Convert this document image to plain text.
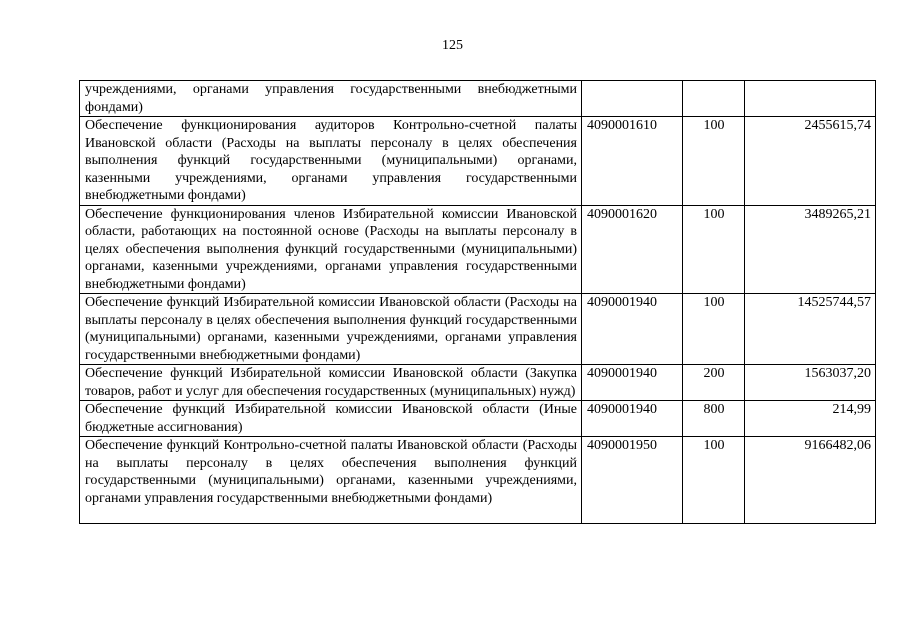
125
учреждениями, органами управления государственными внебюджетными фондами)			
Обеспечение функционирования аудиторов Контрольно-счетной палаты Ивановской области (Расходы на выплаты персоналу в целях обеспечения выполнения функций государственными (муниципальными) органами, казенными учреждениями, органами управления государственными внебюджетными фондами)	4090001610	100	2455615,74
Обеспечение функционирования членов Избирательной комиссии Ивановской области, работающих на постоянной основе (Расходы на выплаты персоналу в целях обеспечения выполнения функций государственными (муниципальными) органами, казенными учреждениями, органами управления государственными внебюджетными фондами)	4090001620	100	3489265,21
Обеспечение функций Избирательной комиссии Ивановской области (Расходы на выплаты персоналу в целях обеспечения выполнения функций государственными (муниципальными) органами, казенными учреждениями, органами управления государственными внебюджетными фондами)	4090001940	100	14525744,57
Обеспечение функций Избирательной комиссии Ивановской области (Закупка товаров, работ и услуг для обеспечения государственных (муниципальных) нужд)	4090001940	200	1563037,20
Обеспечение функций Избирательной комиссии Ивановской области (Иные бюджетные ассигнования)	4090001940	800	214,99
Обеспечение функций Контрольно-счетной палаты Ивановской области (Расходы на выплаты персоналу в целях обеспечения выполнения функций государственными (муниципальными) органами, казенными учреждениями, органами управления государственными внебюджетными фондами)	4090001950	100	9166482,06
